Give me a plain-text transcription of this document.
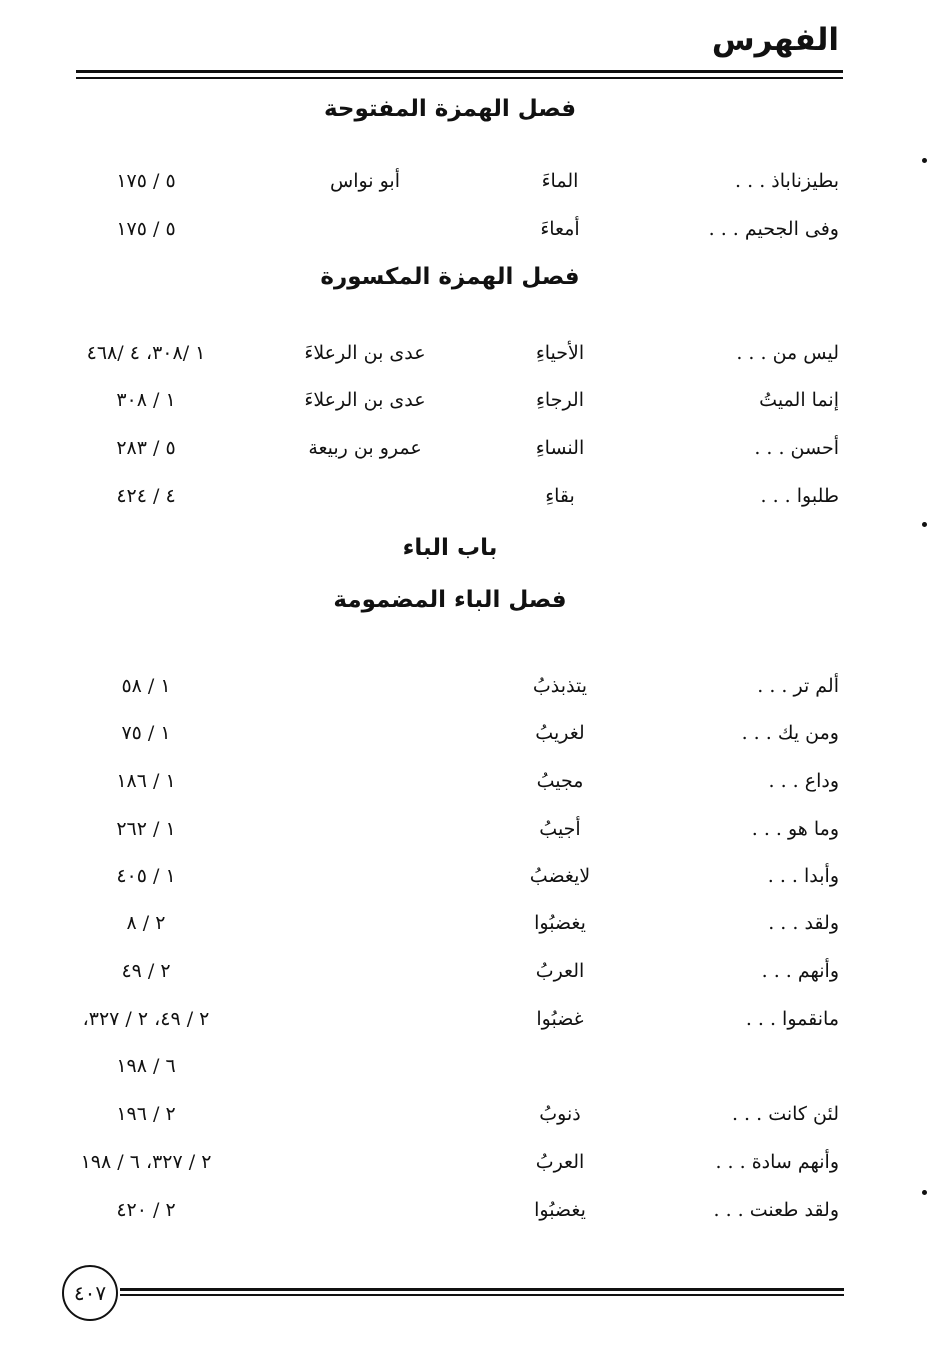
الفهرس
فصل الهمزة المفتوحة
بطيزناباذ . . .
الماءَ
أبو نواس
٥ / ١٧٥
وفى الجحيم . . .
أمعاءَ
٥ / ١٧٥
فصل الهمزة المكسورة
ليس من . . .
الأحياءِ
عدى بن الرعلاءَ
١ /٣٠٨، ٤ /٤٦٨
إنما الميتُ
الرجاءِ
عدى بن الرعلاءَ
١ / ٣٠٨
أحسن . . .
النساءِ
عمرو بن ربيعة
٥ / ٢٨٣
طلبوا . . .
بقاءِ
٤ / ٤٢٤
باب الباء
فصل الباء المضمومة
ألم تر . . .
يتذبذبُ
١ / ٥٨
ومن يك . . .
لغريبُ
١ / ٧٥
وداع . . .
مجيبُ
١ / ١٨٦
وما هو . . .
أجيبُ
١ / ٢٦٢
وأبدا . . .
لايغضبُ
١ / ٤٠٥
ولقد . . .
يغضبُوا
٢ / ٨
وأنهم . . .
العربُ
٢ / ٤٩
مانقموا . . .
غضبُوا
٢ / ٤٩، ٢ / ٣٢٧،
٦ / ١٩٨
لئن كانت . . .
ذنوبُ
٢ / ١٩٦
وأنهم سادة . . .
العربُ
٢ / ٣٢٧، ٦ / ١٩٨
ولقد طعنت . . .
يغضبُوا
٢ / ٤٢٠
٤٠٧
